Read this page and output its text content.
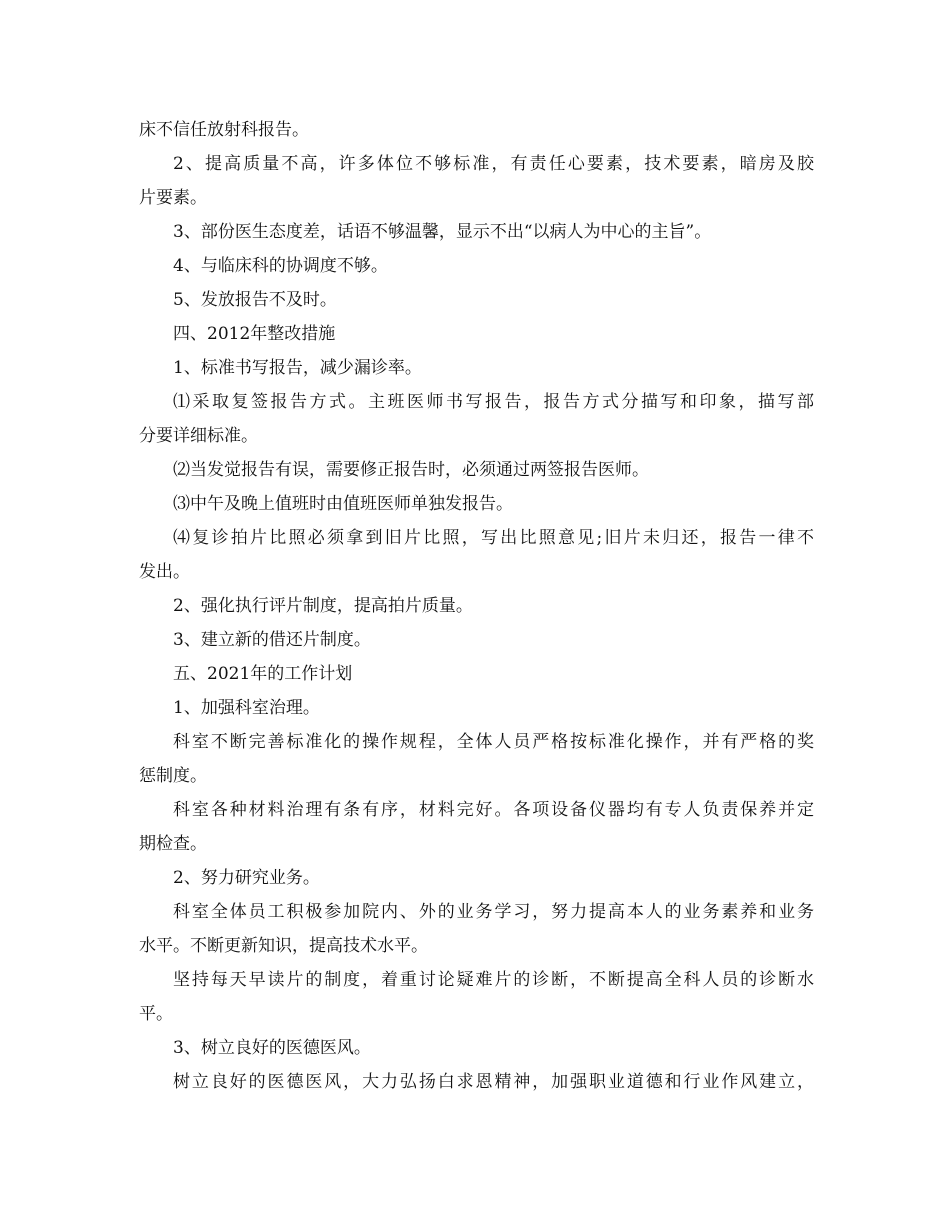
床不信任放射科报告。
2、提高质量不高，许多体位不够标准，有责任心要素，技术要素，暗房及胶
片要素。
3、部份医生态度差，话语不够温馨，显示不出“以病人为中心的主旨”。
4、与临床科的协调度不够。
5、发放报告不及时。
四、2012年整改措施
1、标准书写报告，减少漏诊率。
⑴采取复签报告方式。主班医师书写报告，报告方式分描写和印象，描写部
分要详细标准。
⑵当发觉报告有误，需要修正报告时，必须通过两签报告医师。
⑶中午及晚上值班时由值班医师单独发报告。
⑷复诊拍片比照必须拿到旧片比照，写出比照意见;旧片未归还，报告一律不
发出。
2、强化执行评片制度，提高拍片质量。
3、建立新的借还片制度。
五、2021年的工作计划
1、加强科室治理。
科室不断完善标准化的操作规程，全体人员严格按标准化操作，并有严格的奖
惩制度。
科室各种材料治理有条有序，材料完好。各项设备仪器均有专人负责保养并定
期检查。
2、努力研究业务。
科室全体员工积极参加院内、外的业务学习，努力提高本人的业务素养和业务
水平。不断更新知识，提高技术水平。
坚持每天早读片的制度，着重讨论疑难片的诊断，不断提高全科人员的诊断水
平。
3、树立良好的医德医风。
树立良好的医德医风，大力弘扬白求恩精神，加强职业道德和行业作风建立，
